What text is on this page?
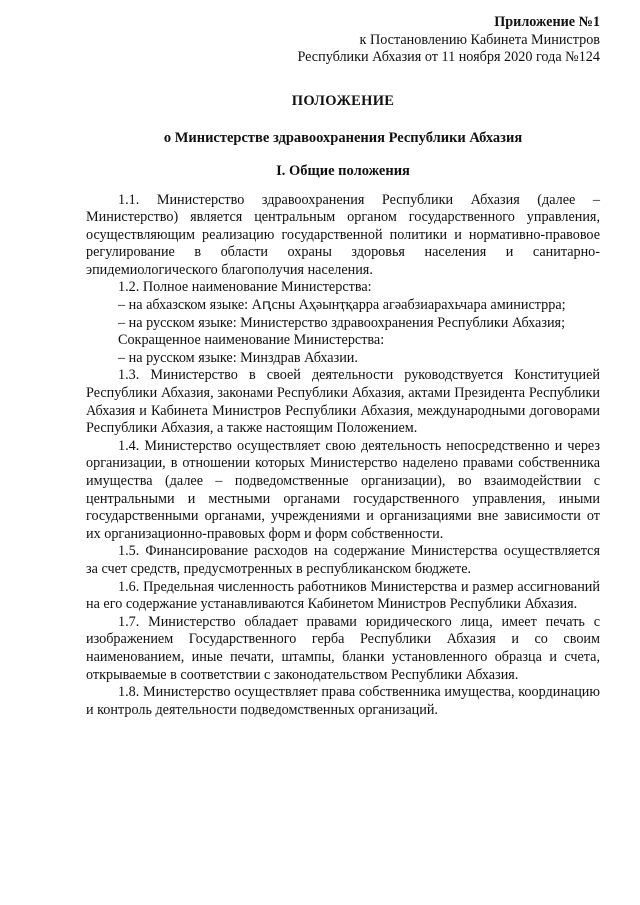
Приложение №1
к Постановлению Кабинета Министров
Республики Абхазия от 11 ноября 2020 года №124
ПОЛОЖЕНИЕ
о Министерстве здравоохранения Республики Абхазия
I. Общие положения

1.1. Министерство здравоохранения Республики Абхазия (далее – Министерство) является центральным органом государственного управления, осуществляющим реализацию государственной политики и нормативно-правовое регулирование в области охраны здоровья населения и санитарно-эпидемиологического благополучия населения.

1.2. Полное наименование Министерства:

– на абхазском языке: Аԥсны Аҳәынҭқарра агәабзиарахьчара аминистрра;

– на русском языке: Министерство здравоохранения Республики Абхазия;

Сокращенное наименование Министерства:

– на русском языке: Минздрав Абхазии.

1.3. Министерство в своей деятельности руководствуется Конституцией Республики Абхазия, законами Республики Абхазия, актами Президента Республики Абхазия и Кабинета Министров Республики Абхазия, международными договорами Республики Абхазия, а также настоящим Положением.

1.4. Министерство осуществляет свою деятельность непосредственно и через организации, в отношении которых Министерство наделено правами собственника имущества (далее – подведомственные организации), во взаимодействии с центральными и местными органами государственного управления, иными государственными органами, учреждениями и организациями вне зависимости от их организационно-правовых форм и форм собственности.

1.5. Финансирование расходов на содержание Министерства осуществляется за счет средств, предусмотренных в республиканском бюджете.

1.6. Предельная численность работников Министерства и размер ассигнований на его содержание устанавливаются Кабинетом Министров Республики Абхазия.

1.7. Министерство обладает правами юридического лица, имеет печать с изображением Государственного герба Республики Абхазия и со своим наименованием, иные печати, штампы, бланки установленного образца и счета, открываемые в соответствии с законодательством Республики Абхазия.

1.8. Министерство осуществляет права собственника имущества, координацию и контроль деятельности подведомственных организаций.
